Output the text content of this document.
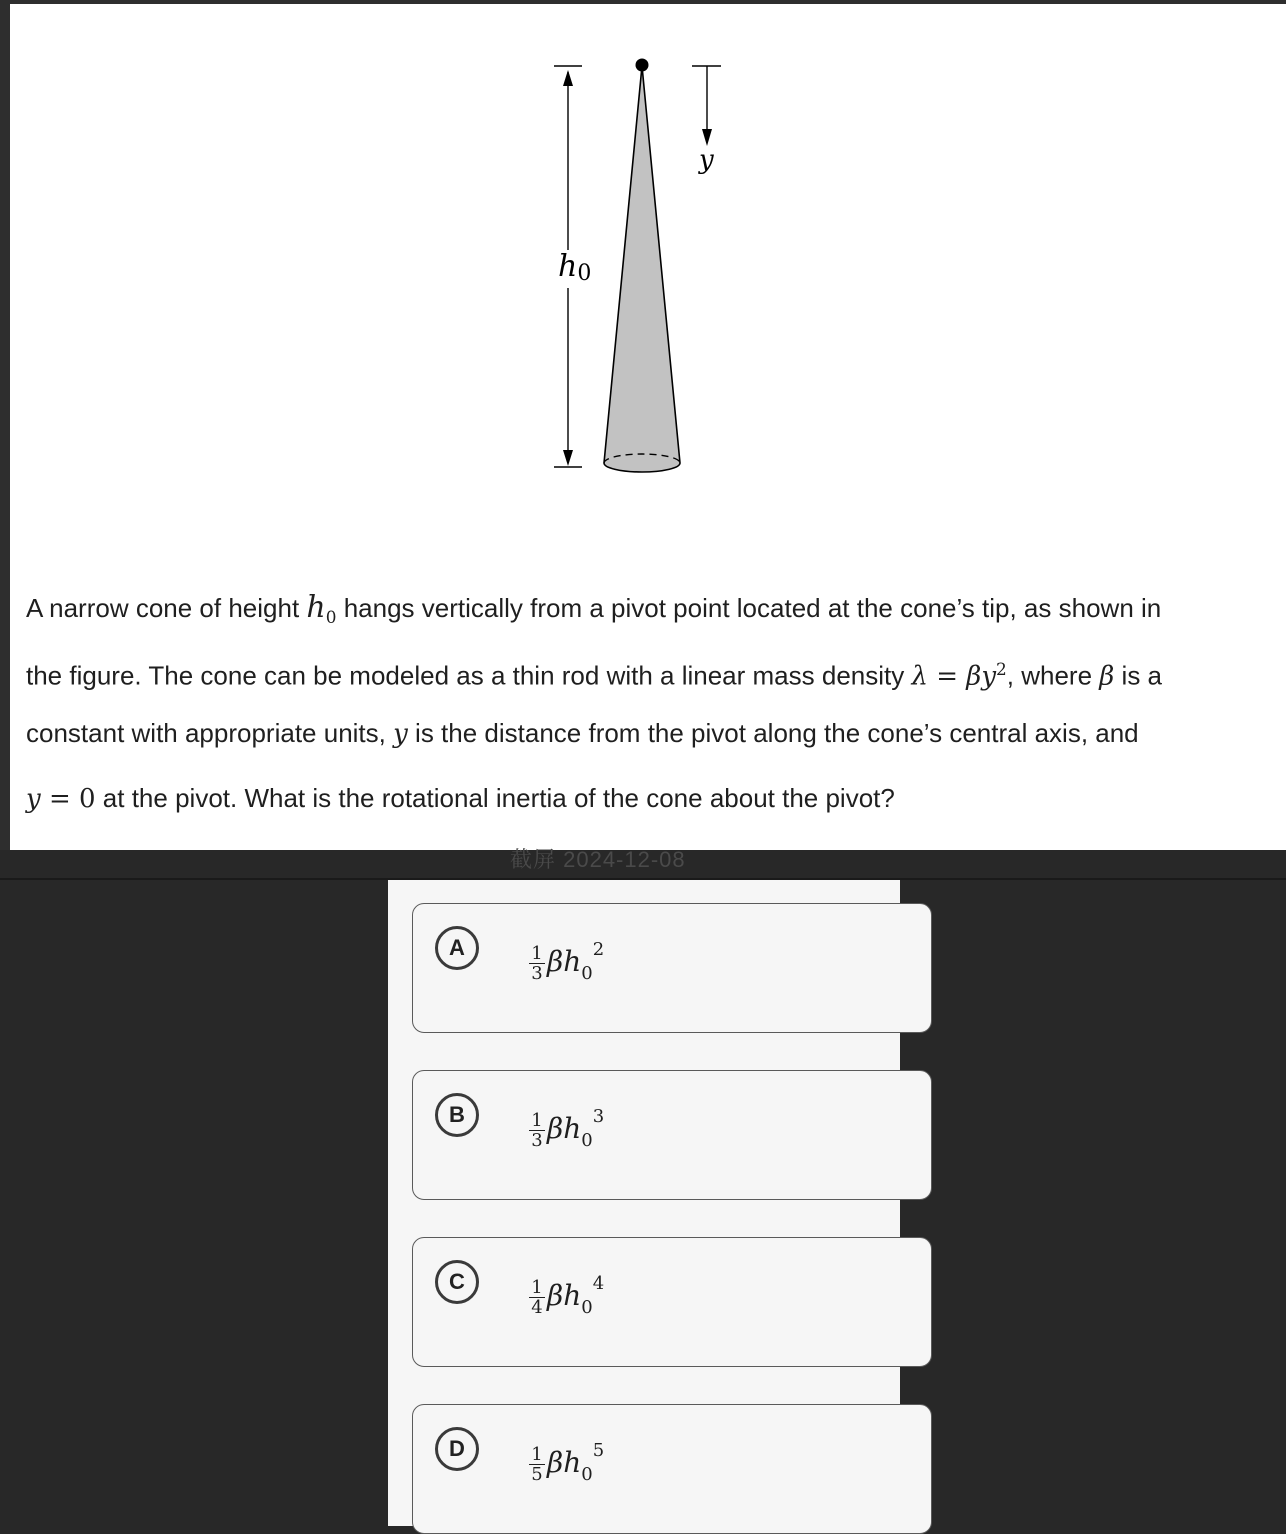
h0
y
A narrow cone of height $h_0$ hangs vertically from a pivot point located at the cone’s tip, as shown in
the figure. The cone can be modeled as a thin rod with a linear mass density $\lambda = \beta y^2$, where β is a
constant with appropriate units, y is the distance from the pivot along the cone’s central axis, and
y = 0 at the pivot. What is the rotational inertia of the cone about the pivot?
截屏 2024-12-08
A	$\frac{1}{3} \beta h_0^2$
B	$\frac{1}{3} \beta h_0^3$
C	$\frac{1}{4} \beta h_0^4$
D	$\frac{1}{5} \beta h_0^5$
